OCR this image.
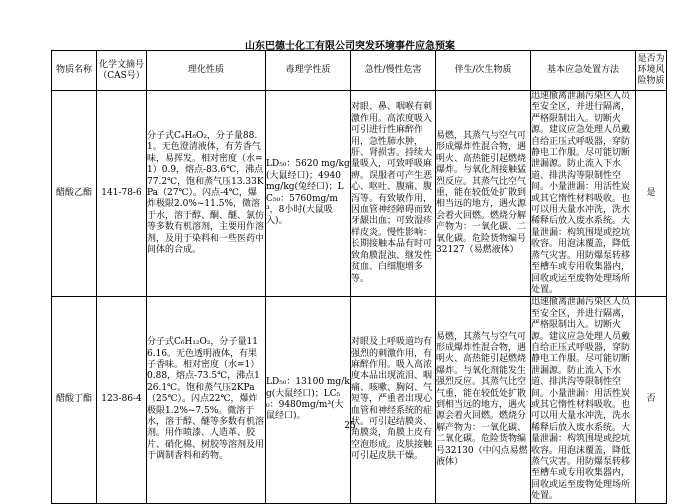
山东巴德士化工有限公司突发环境事件应急预案
物质名称	化学文摘号（CAS号）	理化性质	毒理学性质	急性/慢性危害	伴生/次生物质	基本应急处置方法	是否为环境风险物质
醋酸乙酯	141-78-6	分子式C₄H₈O₂，分子量88.1。无色澄清液体，有芳香气味，易挥发。相对密度（水=1）0.9，熔点-83.6℃，沸点77.2℃，饱和蒸气压13.33KPa（27℃）。闪点-4℃，爆炸极限2.0%~11.5%，微溶于水，溶于醇、酮、醚、氯仿等多数有机溶剂，主要用作溶剂，及用于染料和一些医药中间体的合成。	LD₅₀：5620 mg/kg(大鼠经口)；4940 mg/kg(兔经口)；LC₅₀：5760mg/m³，8小时(大鼠吸入)。	对眼、鼻、咽喉有刺激作用。高浓度吸入可引进行性麻醉作用，急性肺水肿，肝、肾损害。持续大量吸入，可致呼吸麻痹。误服者可产生恶心、呕吐、腹痛、腹泻等。有致敏作用，因血管神经障碍而致牙龈出血；可致湿疹样皮炎。慢性影响：长期接触本品有时可致角膜混浊、继发性贫血、白细胞增多等。	易燃，其蒸气与空气可形成爆炸性混合物，遇明火、高热能引起燃烧爆炸。与氧化剂接触猛烈反应。其蒸气比空气重，能在较低处扩散到相当远的地方，遇火源会着火回燃。燃烧分解产物为：一氧化碳、二氧化碳。危险货物编号32127（易燃液体）	迅速撤离泄漏污染区人员至安全区，并进行隔离，严格限制出入。切断火源。建议应急处理人员戴自给正压式呼吸器，穿防静电工作服。尽可能切断泄漏源。防止流入下水道、排洪沟等限制性空间。小量泄漏：用活性炭或其它惰性材料吸收。也可以用大量水冲洗，洗水稀释后放入废水系统。大量泄漏：构筑围堤或挖坑收容。用泡沫覆盖，降低蒸气灾害。用防爆泵转移至槽车或专用收集器内，回收或运至废物处理场所处置。	是
醋酸丁酯	123-86-4	分子式C₆H₁₂O₂，分子量116.16。无色透明液体，有果子香味。相对密度（水=1）0.88，熔点-73.5℃，沸点126.1℃。饱和蒸气压2KPa（25℃）。闪点22℃，爆炸极限1.2%~7.5%。微溶于水，溶于醇、醚等多数有机溶剂。用作喷漆、人造革、胶片、硝化棉、树胶等溶剂及用于调制香料和药物。	LD₅₀：13100 mg/kg(大鼠经口)；LC₅₀：9480mg/m³(大鼠经口)。	对眼及上呼吸道均有强烈的刺激作用，有麻醉作用。吸入高浓度本品出现流泪、咽痛、咳嗽、胸闷、气短等，严重者出现心血管和神经系统的症状。可引起结膜炎、角膜炎，角膜上皮有空泡形成。皮肤接触可引起皮肤干燥。	易燃，其蒸气与空气可形成爆炸性混合物，遇明火、高热能引起燃烧爆炸。与氧化剂能发生强烈反应。其蒸气比空气重，能在较低处扩散到相当远的地方，遇火源会着火回燃。燃烧分解产物为：一氧化碳、二氧化碳。危险货物编号32130（中闪点易燃液体）	迅速撤离泄漏污染区人员至安全区，并进行隔离，严格限制出入。切断火源。建议应急处理人员戴自给正压式呼吸器，穿防静电工作服。尽可能切断泄漏源。防止流入下水道、排洪沟等限制性空间。小量泄漏：用活性炭或其它惰性材料吸收。也可以用大量水冲洗，洗水稀释后放入废水系统。大量泄漏：构筑围堤或挖坑收容。用泡沫覆盖，降低蒸气灾害。用防爆泵转移至槽车或专用收集器内，回收或运至废物处理场所处置。	否
25
